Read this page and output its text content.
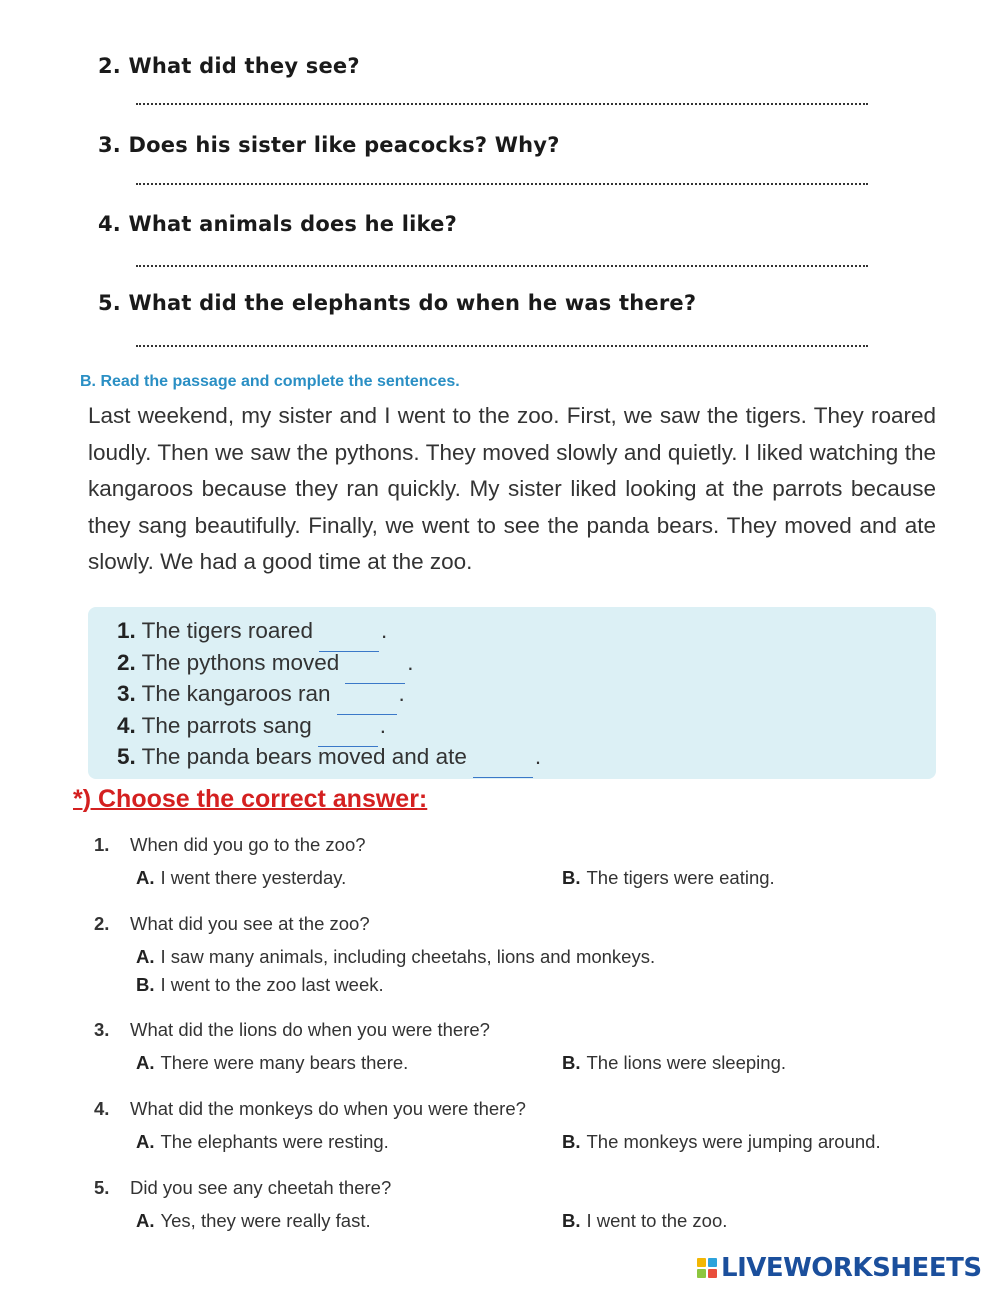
2. What did they see?
3. Does his sister like peacocks? Why?
4. What animals does he like?
5. What did the elephants do when he was there?
B. Read the passage and complete the sentences.
Last weekend, my sister and I went to the zoo. First, we saw the tigers. They roared loudly. Then we saw the pythons. They moved slowly and quietly. I liked watching the kangaroos because they ran quickly. My sister liked looking at the parrots because they sang beautifully. Finally, we went to see the panda bears. They moved and ate slowly. We had a good time at the zoo.
1. The tigers roared	.
2. The pythons moved	.
3. The kangaroos ran	.
4. The parrots sang	.
5. The panda bears moved and ate	.
*) Choose the correct answer:
1. When did you go to the zoo?
A. I went there yesterday.	B. The tigers were eating.
2. What did you see at the zoo?
A. I saw many animals, including cheetahs, lions and monkeys.
B. I went to the zoo last week.
3. What did the lions do when you were there?
A. There were many bears there.	B. The lions were sleeping.
4. What did the monkeys do when you were there?
A. The elephants were resting.	B. The monkeys were jumping around.
5. Did you see any cheetah there?
A. Yes, they were really fast.	B. I went to the zoo.
LIVEWORKSHEETS
